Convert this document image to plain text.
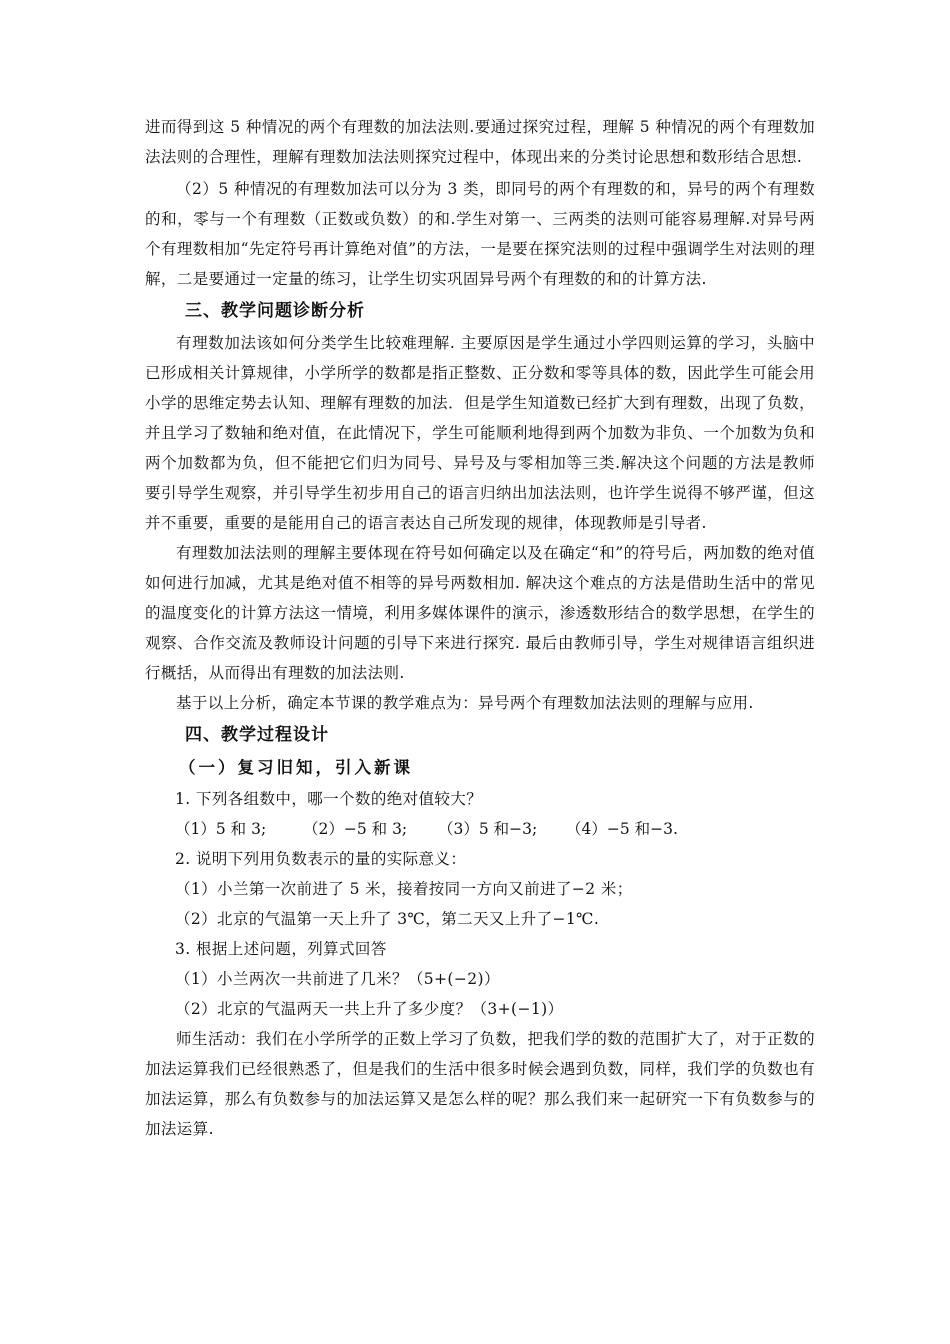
进而得到这 5 种情况的两个有理数的加法法则.要通过探究过程，理解 5 种情况的两个有理数加法法则的合理性，理解有理数加法法则探究过程中，体现出来的分类讨论思想和数形结合思想.

（2）5 种情况的有理数加法可以分为 3 类，即同号的两个有理数的和，异号的两个有理数的和，零与一个有理数（正数或负数）的和.学生对第一、三两类的法则可能容易理解.对异号两个有理数相加“先定符号再计算绝对值”的方法，一是要在探究法则的过程中强调学生对法则的理解，二是要通过一定量的练习，让学生切实巩固异号两个有理数的和的计算方法.

三、教学问题诊断分析

有理数加法该如何分类学生比较难理解. 主要原因是学生通过小学四则运算的学习，头脑中已形成相关计算规律，小学所学的数都是指正整数、正分数和零等具体的数，因此学生可能会用小学的思维定势去认知、理解有理数的加法．但是学生知道数已经扩大到有理数，出现了负数，并且学习了数轴和绝对值，在此情况下，学生可能顺利地得到两个加数为非负、一个加数为负和两个加数都为负，但不能把它们归为同号、异号及与零相加等三类.解决这个问题的方法是教师要引导学生观察，并引导学生初步用自己的语言归纳出加法法则，也许学生说得不够严谨，但这并不重要，重要的是能用自己的语言表达自己所发现的规律，体现教师是引导者.

有理数加法法则的理解主要体现在符号如何确定以及在确定“和”的符号后，两加数的绝对值如何进行加减，尤其是绝对值不相等的异号两数相加. 解决这个难点的方法是借助生活中的常见的温度变化的计算方法这一情境，利用多媒体课件的演示，渗透数形结合的数学思想，在学生的观察、合作交流及教师设计问题的引导下来进行探究. 最后由教师引导，学生对规律语言组织进行概括，从而得出有理数的加法法则.

基于以上分析，确定本节课的教学难点为：异号两个有理数加法法则的理解与应用.

四、教学过程设计
（一）复习旧知，引入新课

1. 下列各组数中，哪一个数的绝对值较大？

（1）5 和 3;	（2）−5 和 3;	（3）5 和−3;	（4）−5 和−3.

2. 说明下列用负数表示的量的实际意义：

（1）小兰第一次前进了 5 米，接着按同一方向又前进了−2 米；

（2）北京的气温第一天上升了 3℃，第二天又上升了−1℃.

3. 根据上述问题，列算式回答

（1）小兰两次一共前进了几米？（5+(−2)）

（2）北京的气温两天一共上升了多少度？（3+(−1)）

师生活动：我们在小学所学的正数上学习了负数，把我们学的数的范围扩大了，对于正数的加法运算我们已经很熟悉了，但是我们的生活中很多时候会遇到负数，同样，我们学的负数也有加法运算，那么有负数参与的加法运算又是怎么样的呢？那么我们来一起研究一下有负数参与的加法运算.
